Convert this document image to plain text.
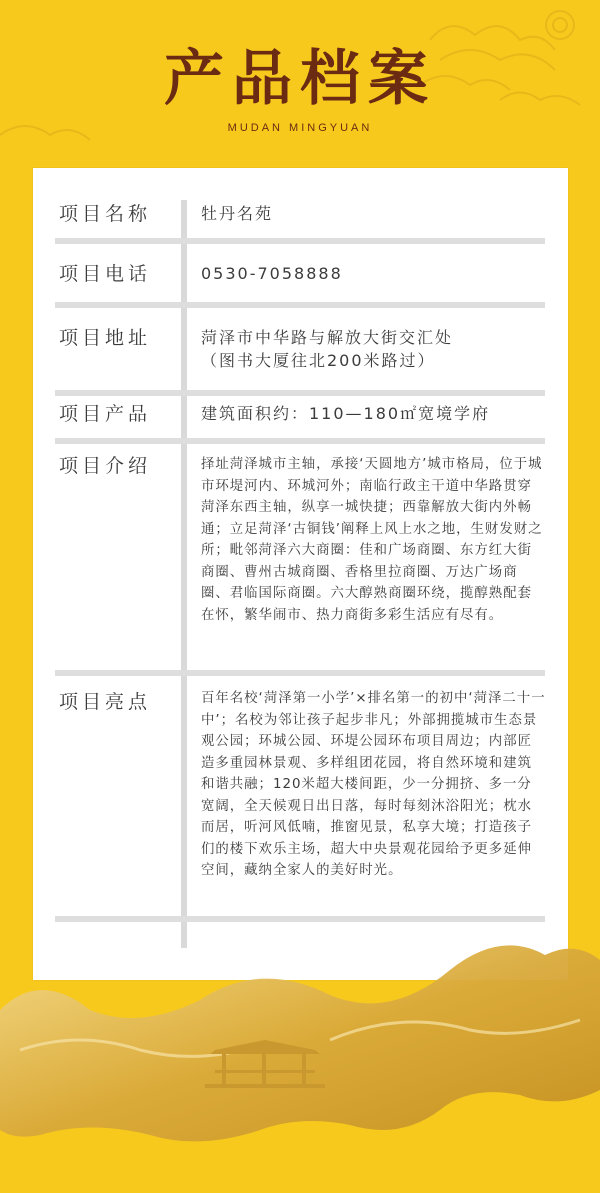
产品档案
MUDAN MINGYUAN
项目名称	牡丹名苑
项目电话	0530-7058888
项目地址	菏泽市中华路与解放大街交汇处
（图书大厦往北200米路过）
项目产品	建筑面积约：110—180㎡宽境学府
项目介绍	择址菏泽城市主轴，承接‘天圆地方’城市格局，位于城市环堤河内、环城河外；南临行政主干道中华路贯穿菏泽东西主轴，纵享一城快捷；西靠解放大街内外畅通；立足菏泽‘古铜钱’阐释上风上水之地，生财发财之所；毗邻菏泽六大商圈：佳和广场商圈、东方红大街商圈、曹州古城商圈、香格里拉商圈、万达广场商圈、君临国际商圈。六大醇熟商圈环绕，揽醇熟配套在怀，繁华闹市、热力商街多彩生活应有尽有。
项目亮点	百年名校‘菏泽第一小学’×排名第一的初中‘菏泽二十一中’；名校为邻让孩子起步非凡；外部拥揽城市生态景观公园；环城公园、环堤公园环布项目周边；内部匠造多重园林景观、多样组团花园，将自然环境和建筑和谐共融；120米超大楼间距，少一分拥挤、多一分宽阔，全天候观日出日落，每时每刻沐浴阳光；枕水而居，听河风低喃，推窗见景，私享大境；打造孩子们的楼下欢乐主场，超大中央景观花园给予更多延伸空间，藏纳全家人的美好时光。
